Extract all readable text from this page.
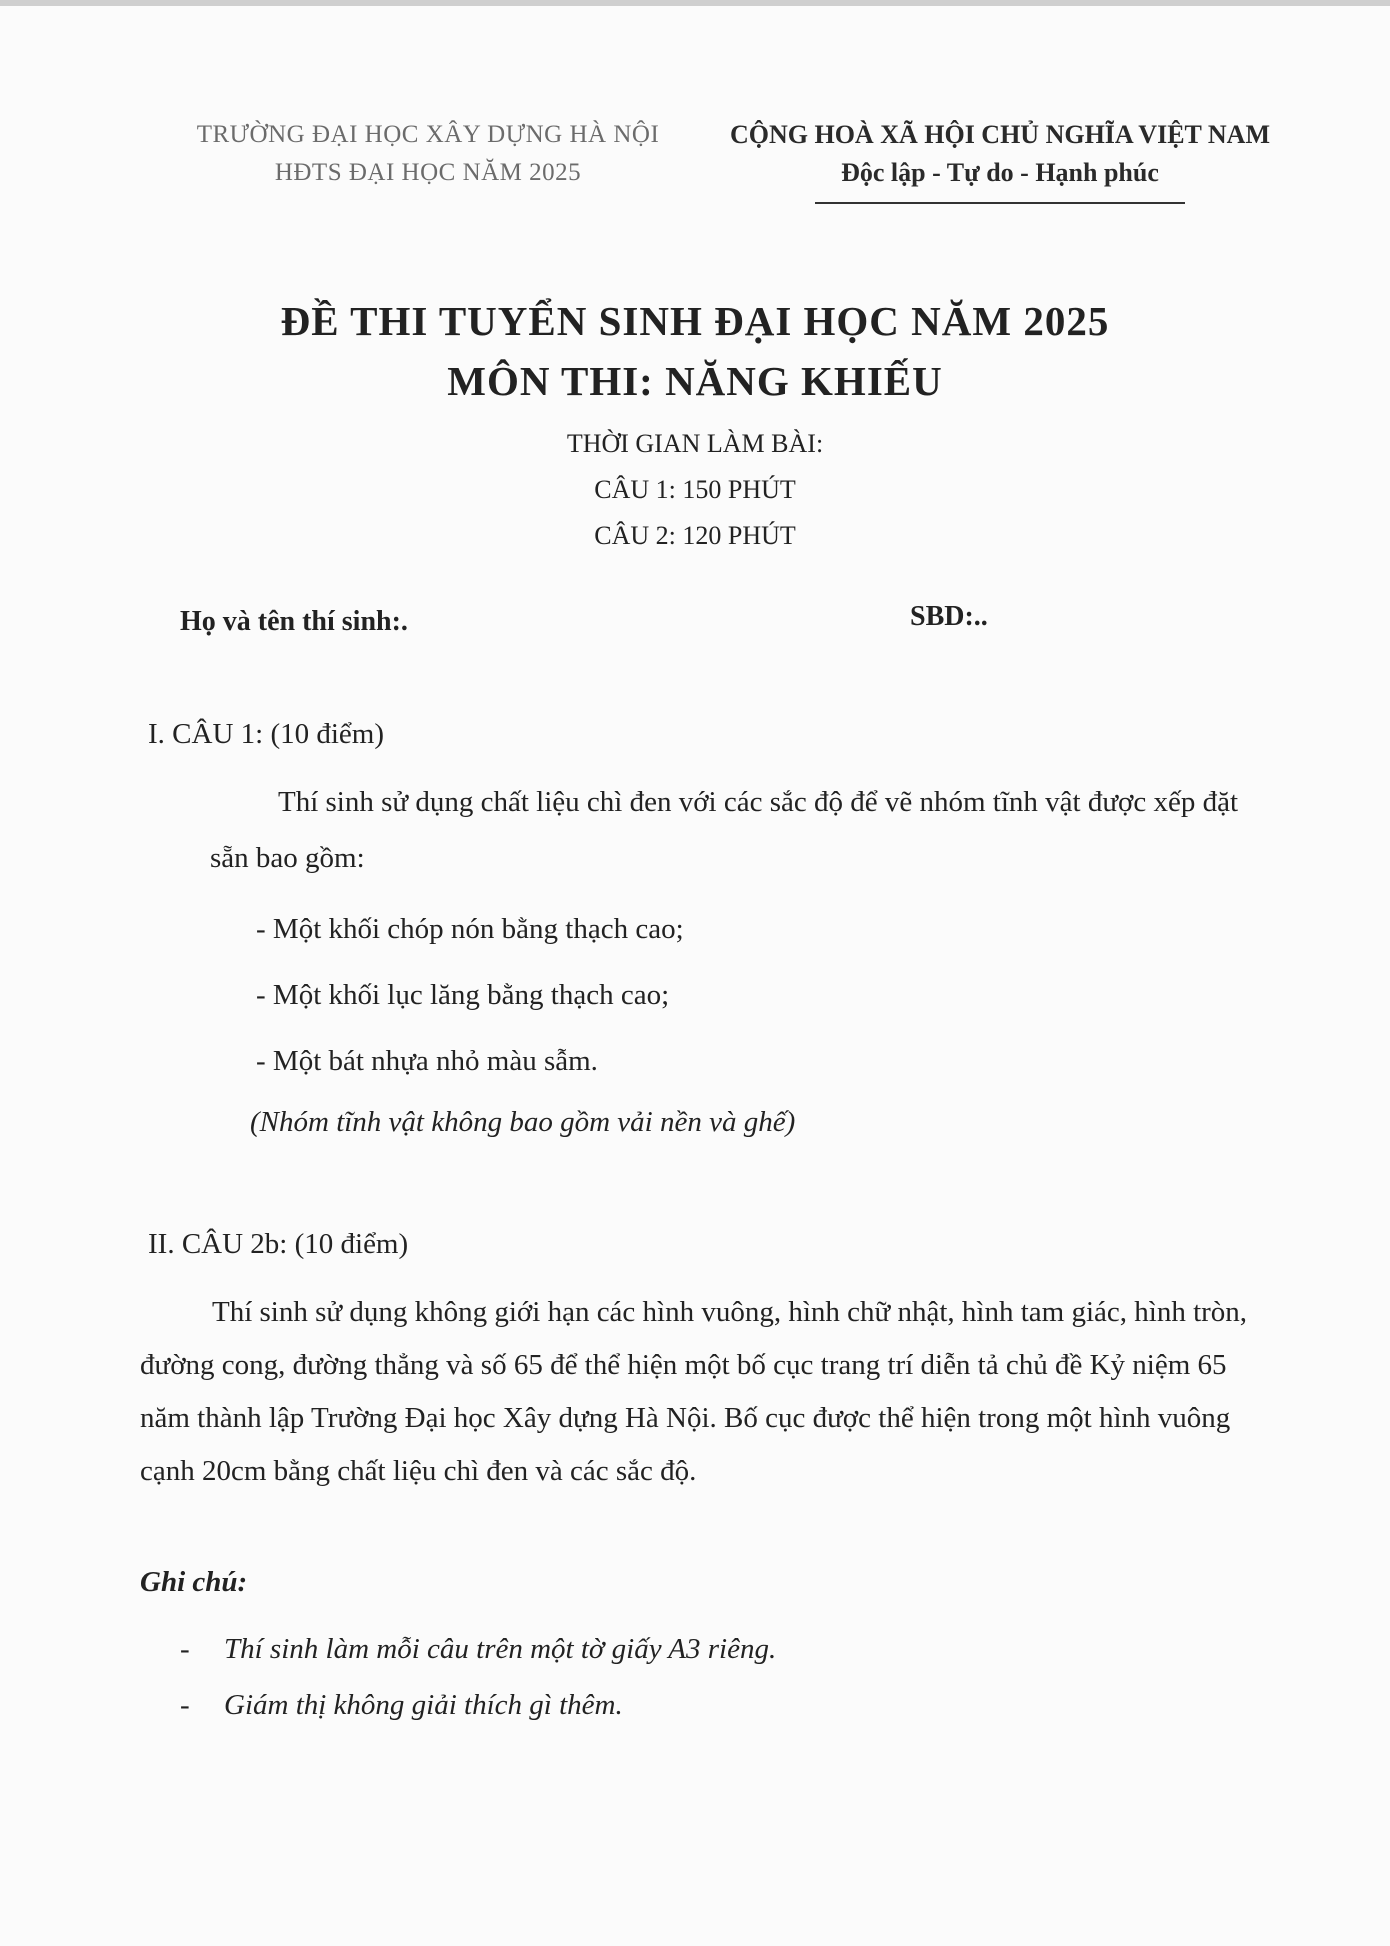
TRƯỜNG ĐẠI HỌC XÂY DỰNG HÀ NỘI
HĐTS ĐẠI HỌC NĂM 2025
CỘNG HOÀ XÃ HỘI CHỦ NGHĨA VIỆT NAM
Độc lập - Tự do - Hạnh phúc
ĐỀ THI TUYỂN SINH ĐẠI HỌC NĂM 2025
MÔN THI: NĂNG KHIẾU
THỜI GIAN LÀM BÀI:
CÂU 1: 150 PHÚT
CÂU 2: 120 PHÚT
Họ và tên thí sinh:.	SBD:..
I. CÂU 1: (10 điểm)

Thí sinh sử dụng chất liệu chì đen với các sắc độ để vẽ nhóm tĩnh vật được xếp đặt sẵn bao gồm:

- Một khối chóp nón bằng thạch cao;
- Một khối lục lăng bằng thạch cao;
- Một bát nhựa nhỏ màu sẫm.
(Nhóm tĩnh vật không bao gồm vải nền và ghế)
II. CÂU 2b: (10 điểm)

Thí sinh sử dụng không giới hạn các hình vuông, hình chữ nhật, hình tam giác, hình tròn, đường cong, đường thẳng và số 65 để thể hiện một bố cục trang trí diễn tả chủ đề Kỷ niệm 65 năm thành lập Trường Đại học Xây dựng Hà Nội. Bố cục được thể hiện trong một hình vuông cạnh 20cm bằng chất liệu chì đen và các sắc độ.

Ghi chú:
- Thí sinh làm mỗi câu trên một tờ giấy A3 riêng.
- Giám thị không giải thích gì thêm.
